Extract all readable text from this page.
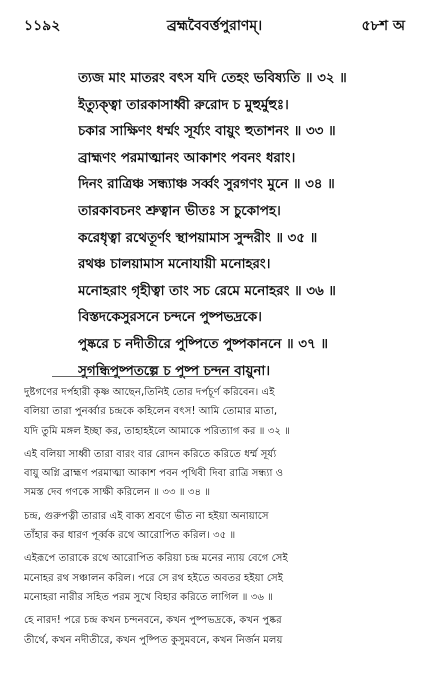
১১৯২	ব্রহ্মবৈবর্ত্তপুরাণম্।	৫৮শ অ
ত্যজ মাং মাতরং বৎস যদি তেহং ভবিষ্যতি ॥ ৩২ ॥
ইত্যুক্ত্বা তারকাসাধ্বী রুরোদ চ মুহুর্মুহুঃ।
চকার সাক্ষিণং ধর্ম্মং সূর্য্যং বায়ুং হুতাশনং ॥ ৩৩ ॥
ব্রাহ্মণং পরমাত্মানং আকাশং পবনং ধরাং।
দিনং রাত্রিঞ্চ সন্ধ্যাঞ্চ সর্ব্বং সুরগণং মুনে ॥ ৩৪ ॥
তারকাবচনং শ্রুত্বান ভীতঃ স চুকোপহ।
করেধৃত্বা রথেতূর্ণং স্থাপয়ামাস সুন্দরীং ॥ ৩৫ ॥
রথঞ্চ চালয়ামাস মনোযায়ী মনোহরং।
মনোহরাং গৃহীত্বা তাং সচ রেমে মনোহরং ॥ ৩৬ ॥
বিস্তদকেসুরসনে চন্দনে পুষ্পভদ্রকে।
পুষ্করে চ নদীতীরে পুষ্পিতে পুষ্পকাননে ॥ ৩৭ ॥
সুগন্ধিপুষ্পতল্পে চ পুষ্প চন্দন বায়ুনা।

দুষ্টগণের দর্পহারী কৃষ্ণ আছেন,তিনিই তোর দর্পচূর্ণ করিবেন। এই
বলিয়া তারা পুনর্ব্বার চন্দ্রকে কহিলেন বৎস! আমি তোমার মাতা,
যদি তুমি মঙ্গল ইচ্ছা কর, তাহাহইলে আমাকে পরিত্যাগ কর ॥ ৩২ ॥

এই বলিয়া সাধ্বী তারা বারং বার রোদন করিতে করিতে ধর্ম্ম সূর্য্য
বায়ু অগ্নি ব্রাহ্মণ পরমাত্মা আকাশ পবন পৃথিবী দিবা রাত্রি সন্ধ্যা ও
সমস্ত দেব গণকে সাক্ষী করিলেন ॥ ৩৩ ॥ ৩৪ ॥

চন্দ্র, গুরুপত্নী তারার এই বাক্য শ্রবণে ভীত না হইয়া অনায়াসে
তাঁহার কর ধারণ পূর্ব্বক রথে আরোপিত করিল। ৩৫ ॥

এইরূপে তারাকে রথে আরোপিত করিয়া চন্দ্র মনের ন্যায় বেগে সেই
মনোহর রথ সঞ্চালন করিল। পরে সে রথ হইতে অবতর হইয়া সেই
মনোহরা নারীর সহিত পরম সুখে বিহার করিতে লাগিল ॥ ৩৬ ॥

হে নারদ! পরে চন্দ্র কখন চন্দনবনে, কখন পুষ্পভদ্রকে, কখন পুষ্কর
তীর্থে, কখন নদীতীরে, কখন পুষ্পিত কুসুমবনে, কখন নির্জন মলয়
